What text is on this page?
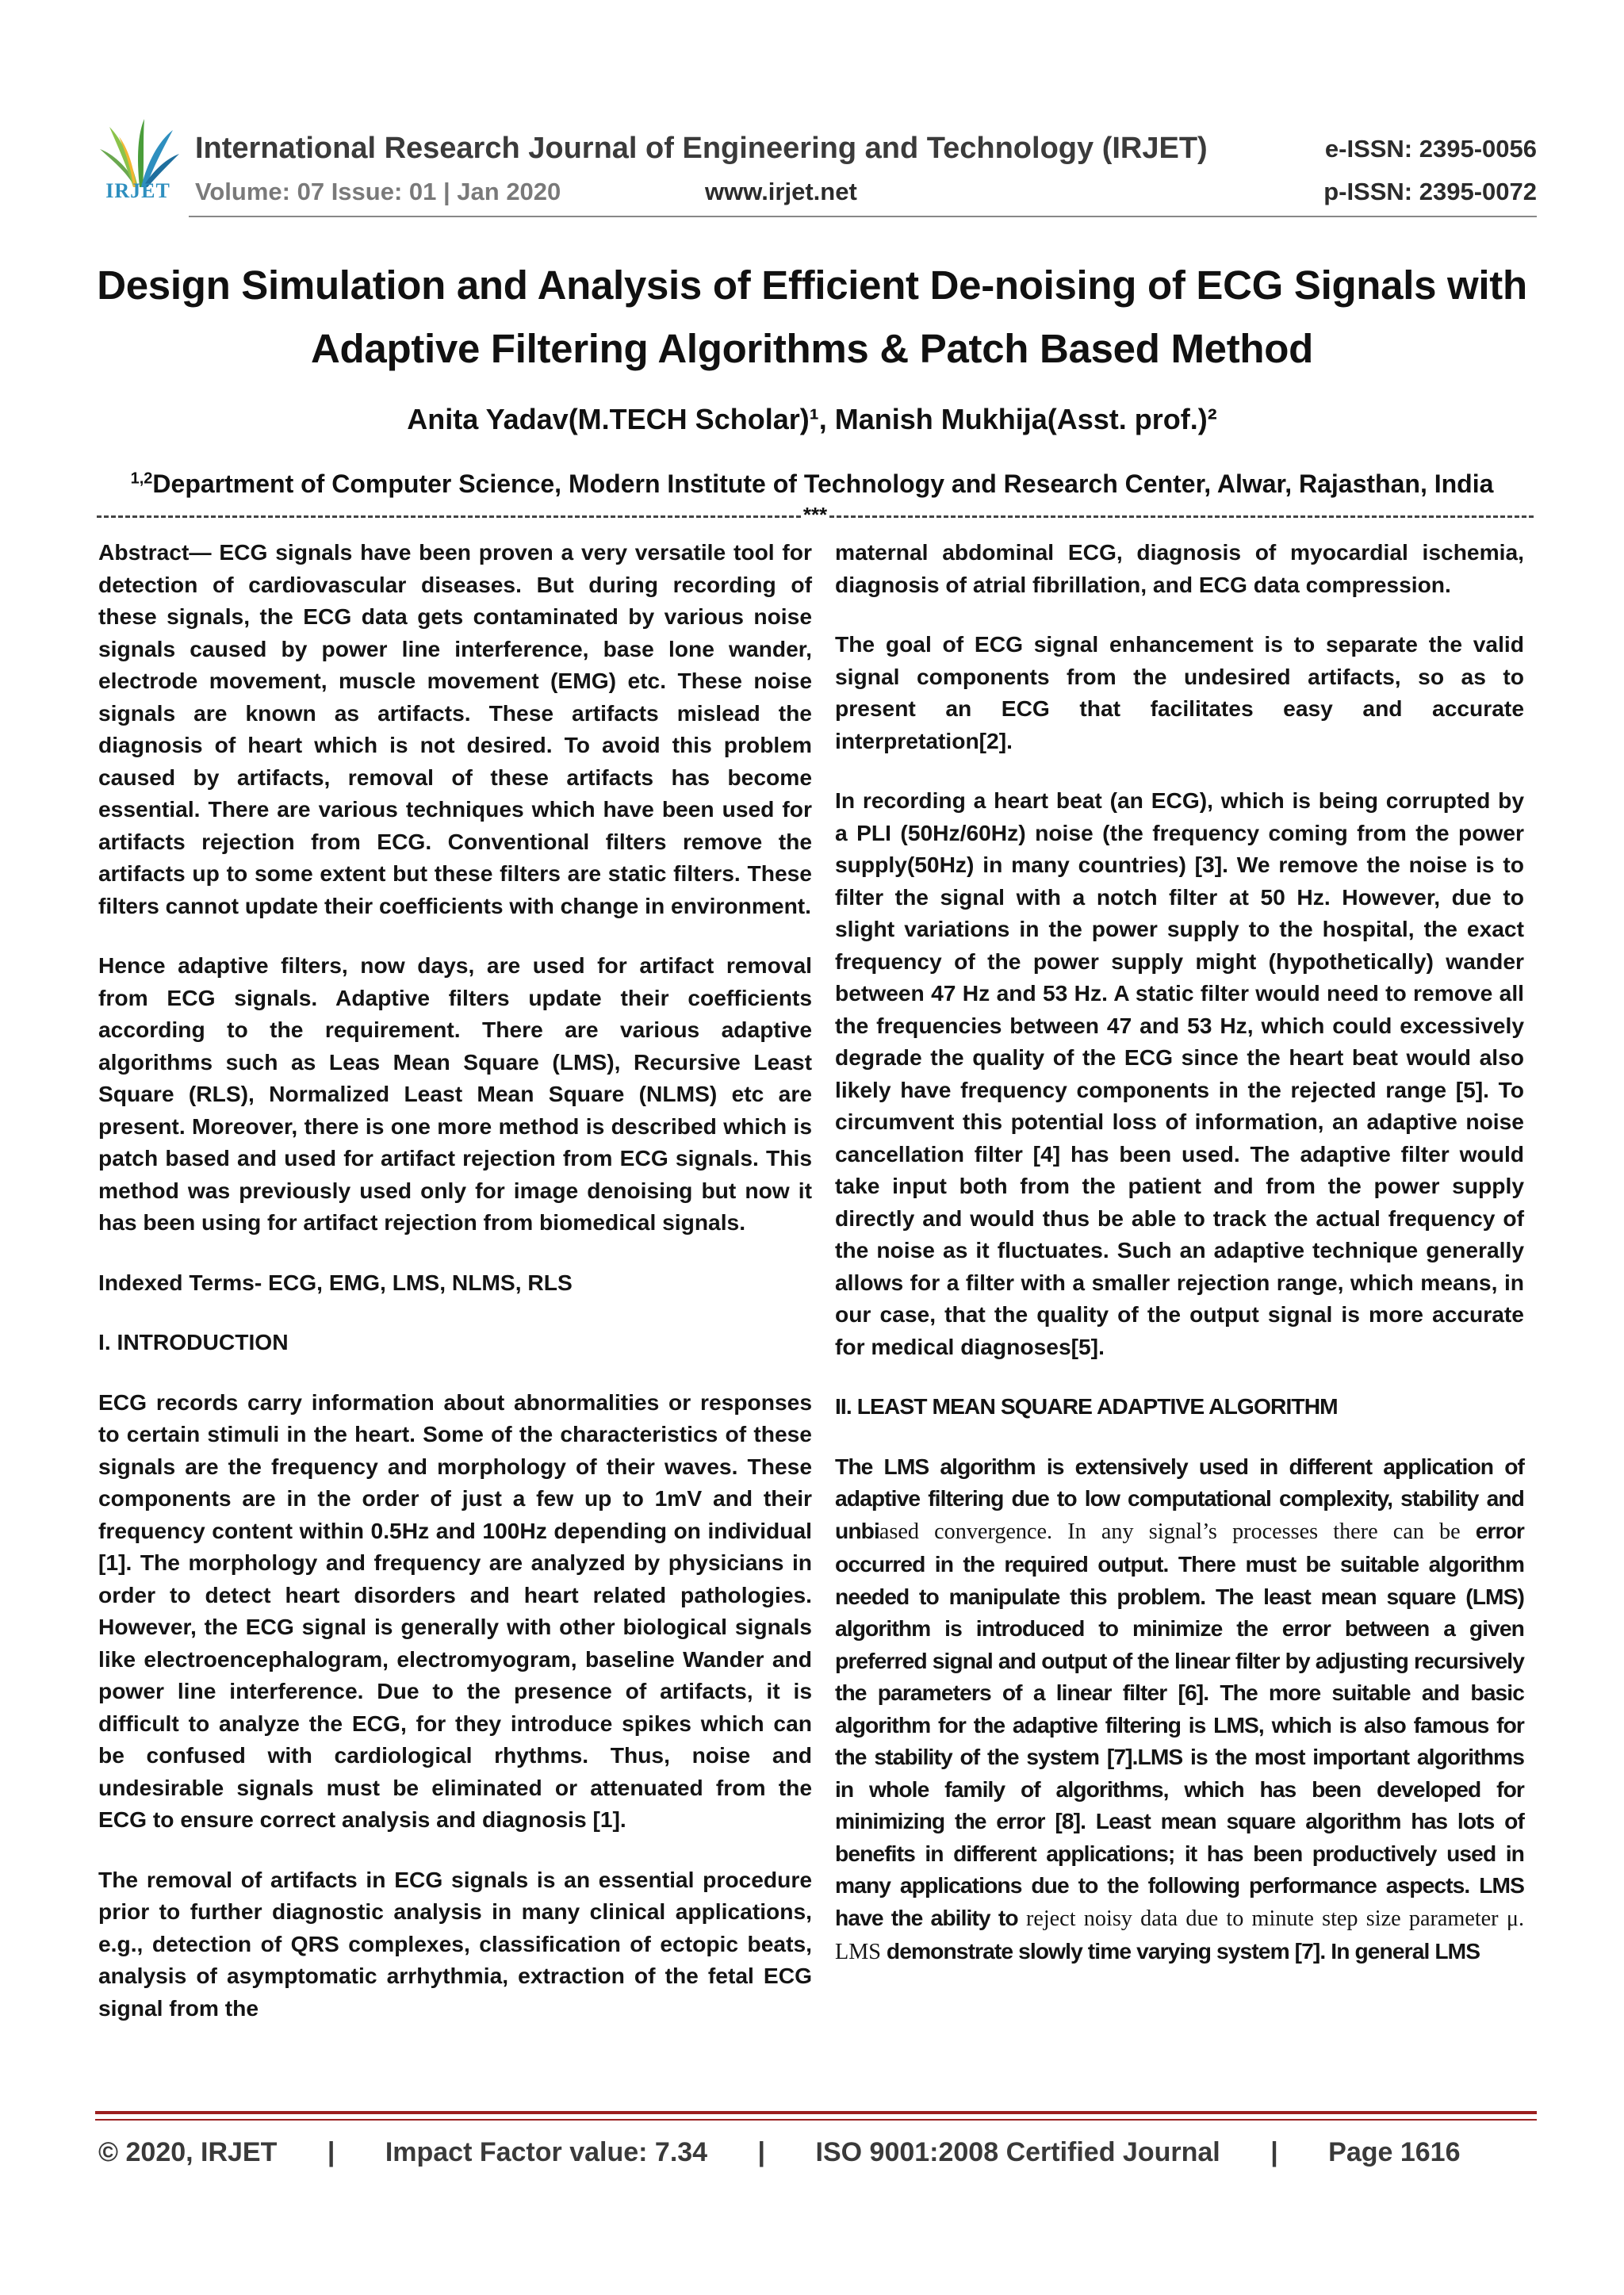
IRJET
International Research Journal of Engineering and Technology (IRJET)
Volume: 07 Issue: 01 | Jan 2020	www.irjet.net
e-ISSN: 2395-0056
p-ISSN: 2395-0072
Design Simulation and Analysis of Efficient De-noising of ECG Signals with
Adaptive Filtering Algorithms & Patch Based Method
Anita Yadav(M.TECH Scholar)¹, Manish Mukhija(Asst. prof.)²
$^{1,2}$Department of Computer Science, Modern Institute of Technology and Research Center, Alwar, Rajasthan, India
***

Abstract— ECG signals have been proven a very versatile tool for detection of cardiovascular diseases. But during recording of these signals, the ECG data gets contaminated by various noise signals caused by power line interference, base lone wander, electrode movement, muscle movement (EMG) etc. These noise signals are known as artifacts. These artifacts mislead the diagnosis of heart which is not desired. To avoid this problem caused by artifacts, removal of these artifacts has become essential. There are various techniques which have been used for artifacts rejection from ECG. Conventional filters remove the artifacts up to some extent but these filters are static filters. These filters cannot update their coefficients with change in environment.

Hence adaptive filters, now days, are used for artifact removal from ECG signals. Adaptive filters update their coefficients according to the requirement. There are various adaptive algorithms such as Leas Mean Square (LMS), Recursive Least Square (RLS), Normalized Least Mean Square (NLMS) etc are present. Moreover, there is one more method is described which is patch based and used for artifact rejection from ECG signals. This method was previously used only for image denoising but now it has been using for artifact rejection from biomedical signals.

Indexed Terms- ECG, EMG, LMS, NLMS, RLS

I. INTRODUCTION

ECG records carry information about abnormalities or responses to certain stimuli in the heart. Some of the characteristics of these signals are the frequency and morphology of their waves. These components are in the order of just a few up to 1mV and their frequency content within 0.5Hz and 100Hz depending on individual [1]. The morphology and frequency are analyzed by physicians in order to detect heart disorders and heart related pathologies. However, the ECG signal is generally with other biological signals like electroencephalogram, electromyogram, baseline Wander and power line interference. Due to the presence of artifacts, it is difficult to analyze the ECG, for they introduce spikes which can be confused with cardiological rhythms. Thus, noise and undesirable signals must be eliminated or attenuated from the ECG to ensure correct analysis and diagnosis [1].

The removal of artifacts in ECG signals is an essential procedure prior to further diagnostic analysis in many clinical applications, e.g., detection of QRS complexes, classification of ectopic beats, analysis of asymptomatic arrhythmia, extraction of the fetal ECG signal from the

maternal abdominal ECG, diagnosis of myocardial ischemia, diagnosis of atrial fibrillation, and ECG data compression.

The goal of ECG signal enhancement is to separate the valid signal components from the undesired artifacts, so as to present an ECG that facilitates easy and accurate interpretation[2].

In recording a heart beat (an ECG), which is being corrupted by a PLI (50Hz/60Hz) noise (the frequency coming from the power supply(50Hz) in many countries) [3]. We remove the noise is to filter the signal with a notch filter at 50 Hz. However, due to slight variations in the power supply to the hospital, the exact frequency of the power supply might (hypothetically) wander between 47 Hz and 53 Hz. A static filter would need to remove all the frequencies between 47 and 53 Hz, which could excessively degrade the quality of the ECG since the heart beat would also likely have frequency components in the rejected range [5]. To circumvent this potential loss of information, an adaptive noise cancellation filter [4] has been used. The adaptive filter would take input both from the patient and from the power supply directly and would thus be able to track the actual frequency of the noise as it fluctuates. Such an adaptive technique generally allows for a filter with a smaller rejection range, which means, in our case, that the quality of the output signal is more accurate for medical diagnoses[5].

II. LEAST MEAN SQUARE ADAPTIVE ALGORITHM

The LMS algorithm is extensively used in different application of adaptive filtering due to low computational complexity, stability and unbiased convergence. In any signal’s processes there can be error occurred in the required output. There must be suitable algorithm needed to manipulate this problem. The least mean square (LMS) algorithm is introduced to minimize the error between a given preferred signal and output of the linear filter by adjusting recursively the parameters of a linear filter [6]. The more suitable and basic algorithm for the adaptive filtering is LMS, which is also famous for the stability of the system [7].LMS is the most important algorithms in whole family of algorithms, which has been developed for minimizing the error [8]. Least mean square algorithm has lots of benefits in different applications; it has been productively used in many applications due to the following performance aspects. LMS have the ability to reject noisy data due to minute step size parameter μ. LMS demonstrate slowly time varying system [7]. In general LMS

© 2020, IRJET | Impact Factor value: 7.34 | ISO 9001:2008 Certified Journal | Page 1616
